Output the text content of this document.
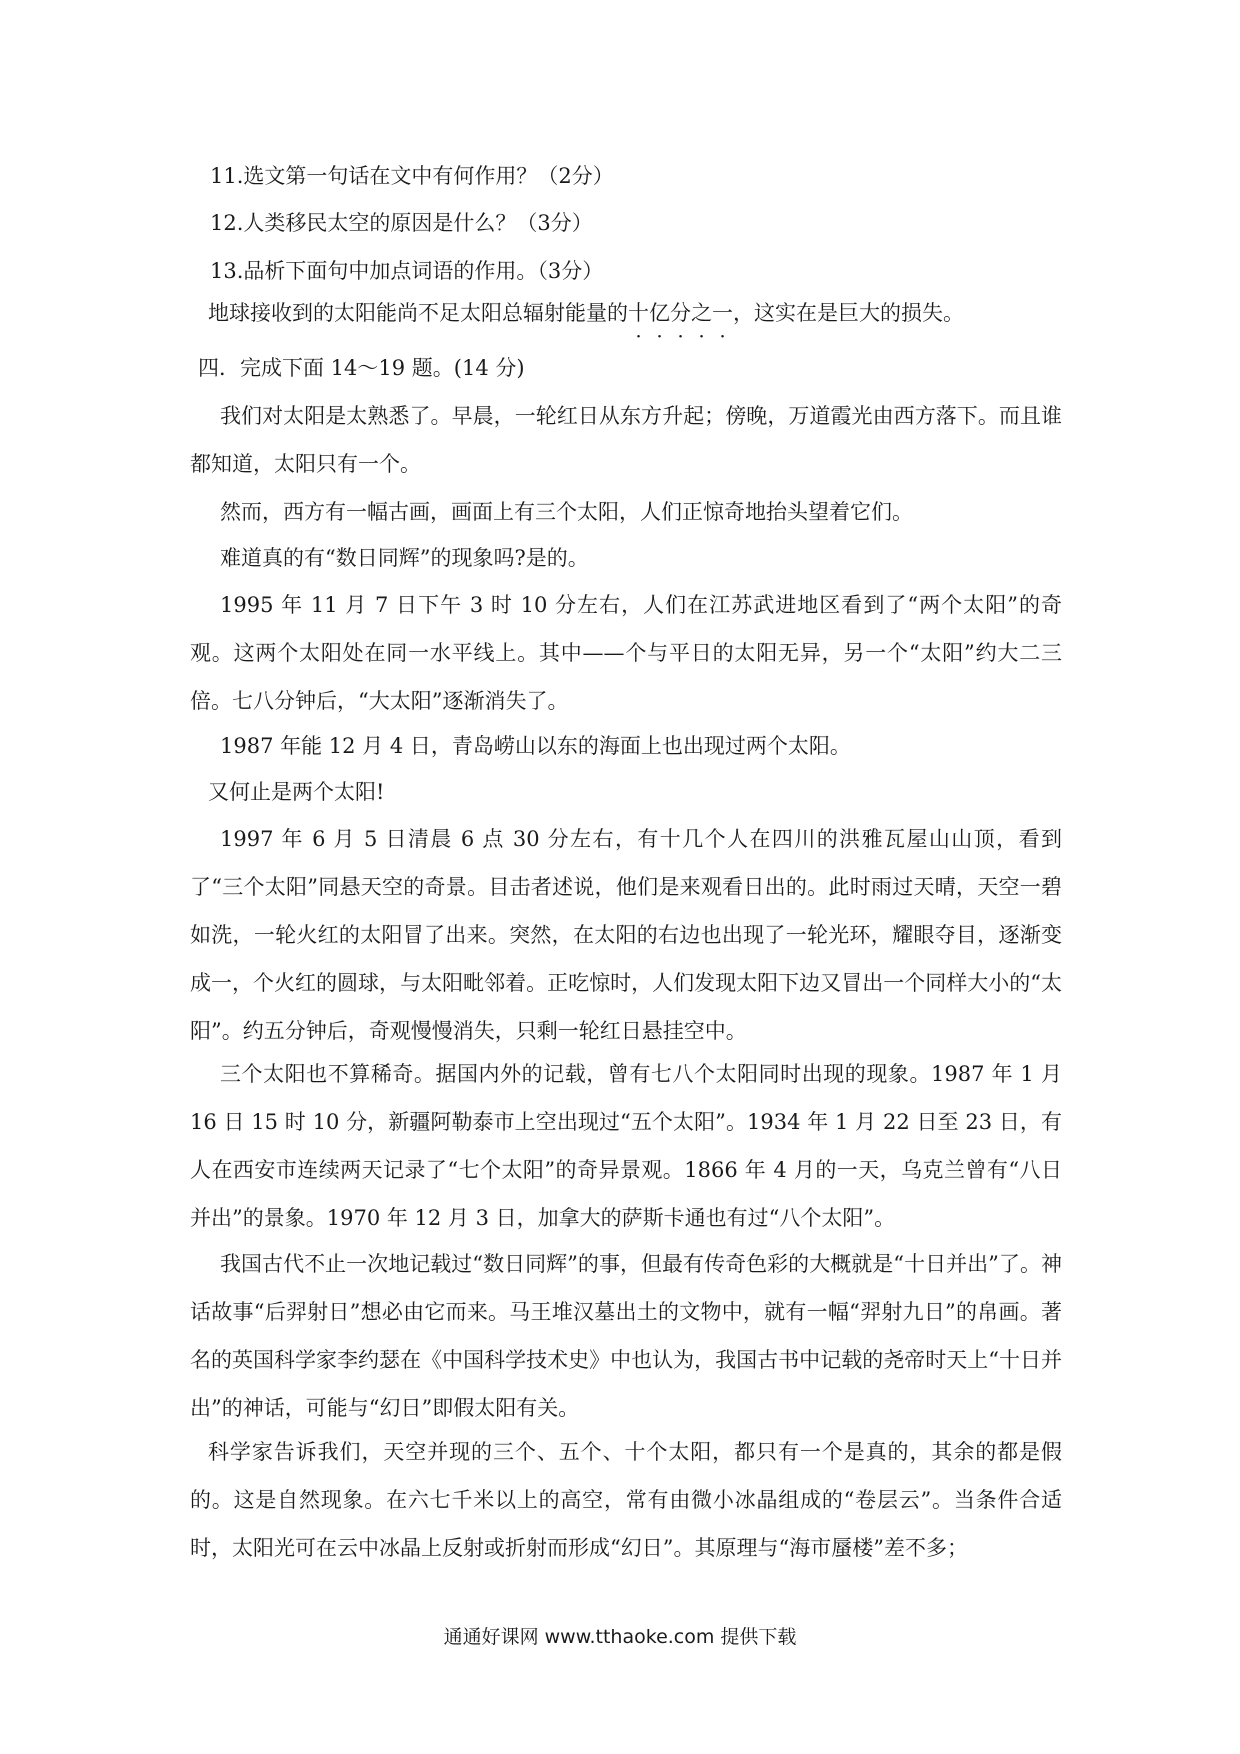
11.选文第一句话在文中有何作用？（2分）
12.人类移民太空的原因是什么？（3分）
13.品析下面句中加点词语的作用。（3分）
地球接收到的太阳能尚不足太阳总辐射能量的十亿分之一，这实在是巨大的损失。
四．完成下面 14～19 题。(14 分)
我们对太阳是太熟悉了。早晨，一轮红日从东方升起；傍晚，万道霞光由西方落下。而且谁都知道，太阳只有一个。
然而，西方有一幅古画，画面上有三个太阳，人们正惊奇地抬头望着它们。
难道真的有“数日同辉”的现象吗?是的。
1995 年 11 月 7 日下午 3 时 10 分左右，人们在江苏武进地区看到了“两个太阳”的奇观。这两个太阳处在同一水平线上。其中——个与平日的太阳无异，另一个“太阳”约大二三倍。七八分钟后，“大太阳”逐渐消失了。
1987 年能 12 月 4 日，青岛崂山以东的海面上也出现过两个太阳。
又何止是两个太阳!
1997 年 6 月 5 日清晨 6 点 30 分左右，有十几个人在四川的洪雅瓦屋山山顶，看到了“三个太阳”同悬天空的奇景。目击者述说，他们是来观看日出的。此时雨过天晴，天空一碧如洗，一轮火红的太阳冒了出来。突然，在太阳的右边也出现了一轮光环，耀眼夺目，逐渐变成一，个火红的圆球，与太阳毗邻着。正吃惊时，人们发现太阳下边又冒出一个同样大小的“太阳”。约五分钟后，奇观慢慢消失，只剩一轮红日悬挂空中。
三个太阳也不算稀奇。据国内外的记载，曾有七八个太阳同时出现的现象。1987 年 1 月 16 日 15 时 10 分，新疆阿勒泰市上空出现过“五个太阳”。1934 年 1 月 22 日至 23 日，有人在西安市连续两天记录了“七个太阳”的奇异景观。1866 年 4 月的一天，乌克兰曾有“八日并出”的景象。1970 年 12 月 3 日，加拿大的萨斯卡通也有过“八个太阳”。
我国古代不止一次地记载过“数日同辉”的事，但最有传奇色彩的大概就是“十日并出”了。神话故事“后羿射日”想必由它而来。马王堆汉墓出土的文物中，就有一幅“羿射九日”的帛画。著名的英国科学家李约瑟在《中国科学技术史》中也认为，我国古书中记载的尧帝时天上“十日并出”的神话，可能与“幻日”即假太阳有关。
科学家告诉我们，天空并现的三个、五个、十个太阳，都只有一个是真的，其余的都是假的。这是自然现象。在六七千米以上的高空，常有由微小冰晶组成的“卷层云”。当条件合适时，太阳光可在云中冰晶上反射或折射而形成“幻日”。其原理与“海市蜃楼”差不多；
通通好课网 www.tthaoke.com 提供下载
